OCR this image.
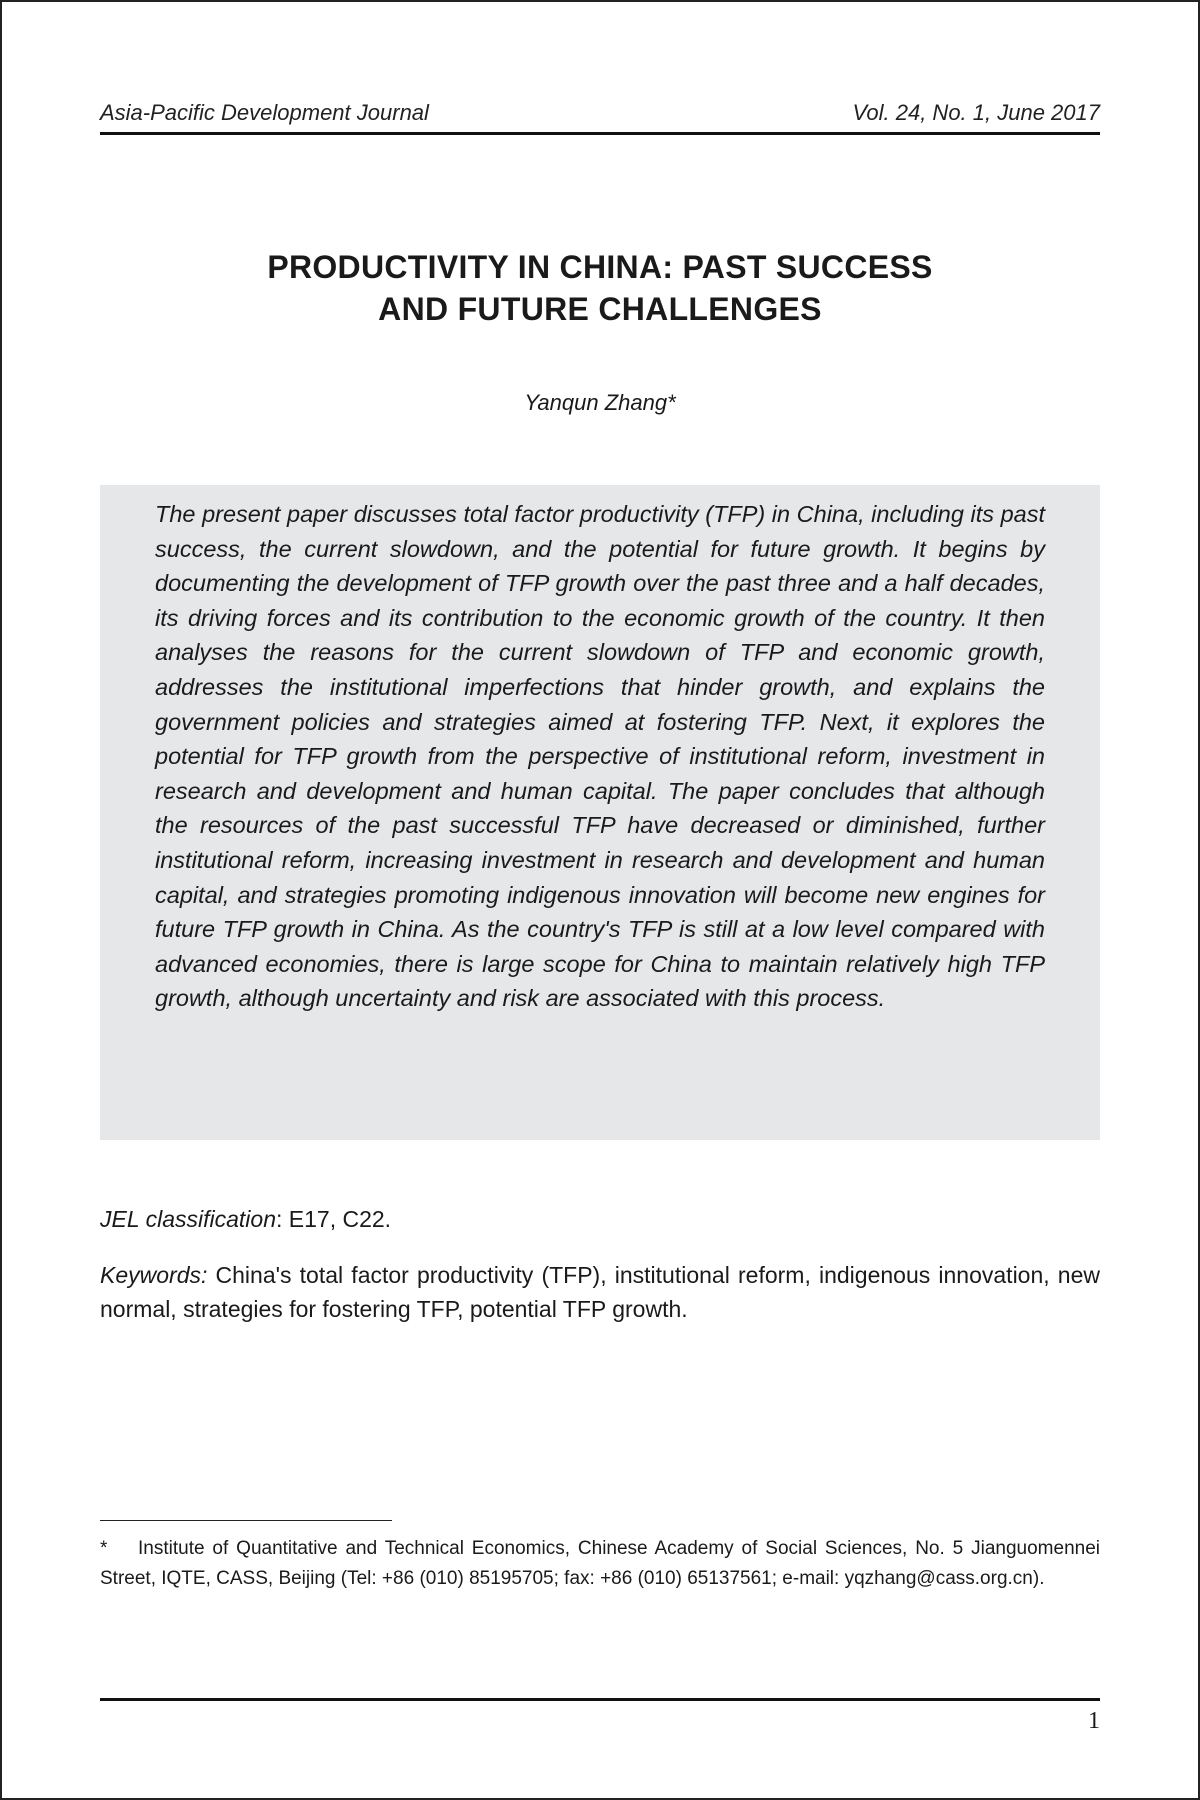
Asia-Pacific Development Journal	Vol. 24, No. 1, June 2017
PRODUCTIVITY IN CHINA: PAST SUCCESS
AND FUTURE CHALLENGES
Yanqun Zhang*

The present paper discusses total factor productivity (TFP) in China, including its past success, the current slowdown, and the potential for future growth. It begins by documenting the development of TFP growth over the past three and a half decades, its driving forces and its contribution to the economic growth of the country. It then analyses the reasons for the current slowdown of TFP and economic growth, addresses the institutional imperfections that hinder growth, and explains the government policies and strategies aimed at fostering TFP. Next, it explores the potential for TFP growth from the perspective of institutional reform, investment in research and development and human capital. The paper concludes that although the resources of the past successful TFP have decreased or diminished, further institutional reform, increasing investment in research and development and human capital, and strategies promoting indigenous innovation will become new engines for future TFP growth in China. As the country's TFP is still at a low level compared with advanced economies, there is large scope for China to maintain relatively high TFP growth, although uncertainty and risk are associated with this process.

JEL classification: E17, C22.

Keywords: China's total factor productivity (TFP), institutional reform, indigenous innovation, new normal, strategies for fostering TFP, potential TFP growth.

* Institute of Quantitative and Technical Economics, Chinese Academy of Social Sciences, No. 5 Jianguomennei Street, IQTE, CASS, Beijing (Tel: +86 (010) 85195705; fax: +86 (010) 65137561; e-mail: yqzhang@cass.org.cn).

1
